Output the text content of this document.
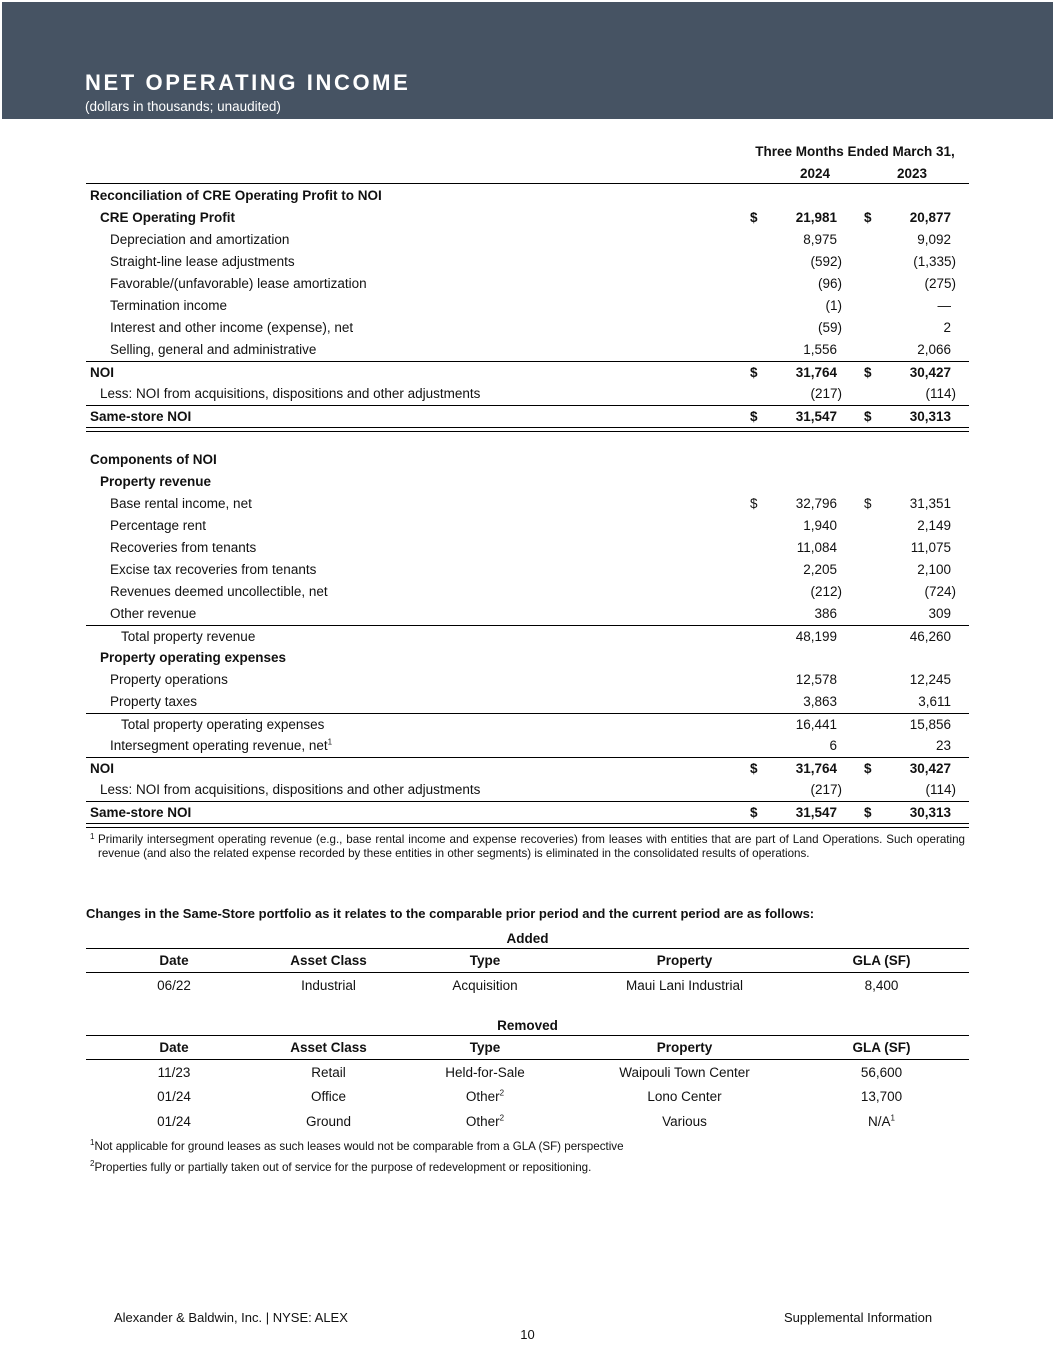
NET OPERATING INCOME
(dollars in thousands; unaudited)
Three Months Ended March 31,
2024	2023
Reconciliation of CRE Operating Profit to NOI
CRE Operating Profit	$	21,981 $	20,877
Depreciation and amortization	8,975	9,092
Straight-line lease adjustments	(592)	(1,335)
Favorable/(unfavorable) lease amortization	(96)	(275)
Termination income	(1)	—
Interest and other income (expense), net	(59)	2
Selling, general and administrative	1,556	2,066
NOI	$	31,764 $	30,427
Less: NOI from acquisitions, dispositions and other adjustments	(217)	(114)
Same-store NOI	$	31,547 $	30,313
Components of NOI
Property revenue
Base rental income, net	$	32,796 $	31,351
Percentage rent	1,940	2,149
Recoveries from tenants	11,084	11,075
Excise tax recoveries from tenants	2,205	2,100
Revenues deemed uncollectible, net	(212)	(724)
Other revenue	386	309
Total property revenue	48,199	46,260
Property operating expenses
Property operations	12,578	12,245
Property taxes	3,863	3,611
Total property operating expenses	16,441	15,856
Intersegment operating revenue, net$^1$	6	23
NOI	$	31,764 $	30,427
Less: NOI from acquisitions, dispositions and other adjustments	(217)	(114)
Same-store NOI	$	31,547 $	30,313
1 Primarily intersegment operating revenue (e.g., base rental income and expense recoveries) from leases with entities that are part of Land Operations. Such operating revenue (and also the related expense recorded by these entities in other segments) is eliminated in the consolidated results of operations.
Changes in the Same-Store portfolio as it relates to the comparable prior period and the current period are as follows:
Added
Date	Asset Class	Type	Property	GLA (SF)
06/22	Industrial	Acquisition	Maui Lani Industrial	8,400
Removed
Date	Asset Class	Type	Property	GLA (SF)
11/23	Retail	Held-for-Sale	Waipouli Town Center	56,600
01/24	Office	Other$^2$	Lono Center	13,700
01/24	Ground	Other$^2$	Various	$N/A^1$
$^1$Not applicable for ground leases as such leases would not be comparable from a GLA (SF) perspective
$^2$Properties fully or partially taken out of service for the purpose of redevelopment or repositioning.
Alexander & Baldwin, Inc. | NYSE: ALEX	Supplemental Information
10
